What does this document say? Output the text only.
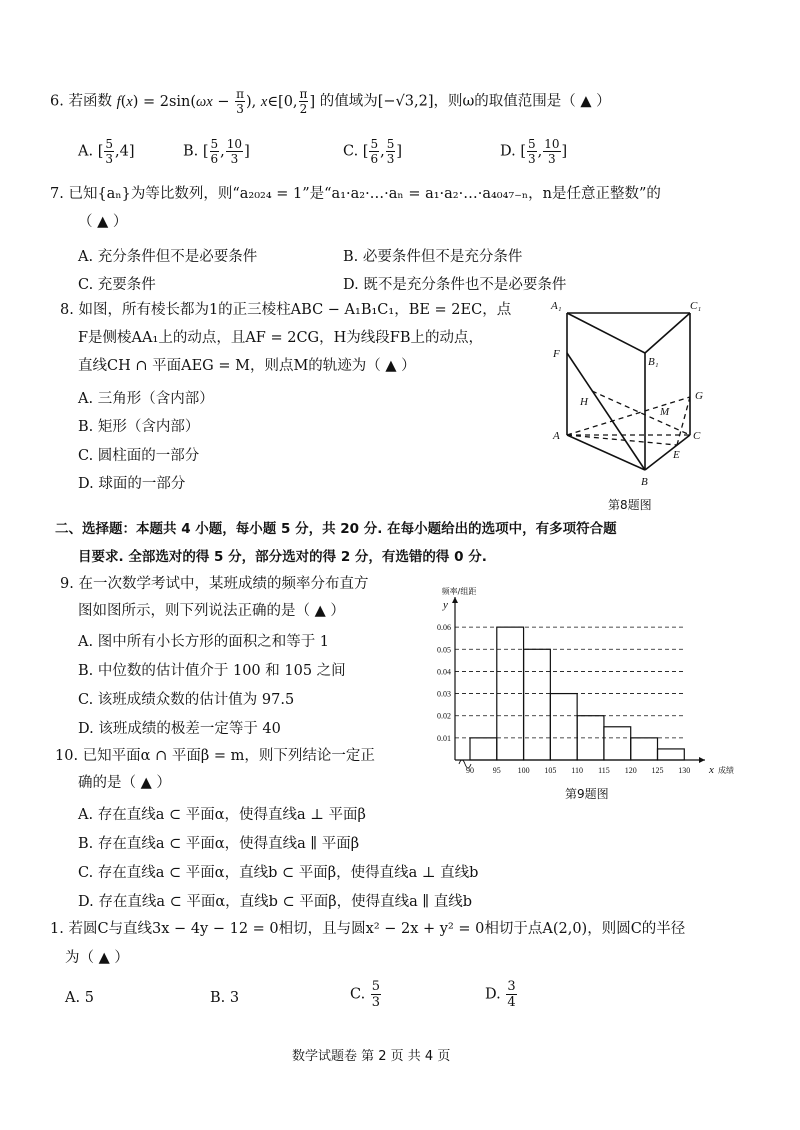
6. 若函数 $f(x) = 2\sin(\omega x - \frac{\pi}{3}$ ), x∈[0, $\frac{\pi}{2}$ ] 的值域为[−√3,2]，则ω的取值范围是（ ▲ ）
A. [ $\frac{5}{3} ,4$]	B. [ $\frac{5}{6}$ , $\frac{10}{3}$ ]	C. [ $\frac{5}{6}$ , $\frac{5}{3}$ ]	D. [ $\frac{5}{3}$ , $\frac{10}{3}$ ]
7. 已知{aₙ}为等比数列，则“a₂₀₂₄ = 1”是“a₁·a₂·…·aₙ = a₁·a₂·…·a₄₀₄₇₋ₙ，n是任意正整数”的
（ ▲ ）
A. 充分条件但不是必要条件	B. 必要条件但不是充分条件
C. 充要条件	D. 既不是充分条件也不是必要条件
8. 如图，所有棱长都为1的正三棱柱ABC − A₁B₁C₁，BE = 2EC，点
F是侧棱AA₁上的动点，且AF = 2CG，H为线段FB上的动点，
直线CH ∩ 平面AEG = M，则点M的轨迹为（ ▲ ）
A. 三角形（含内部）
B. 矩形（含内部）
C. 圆柱面的一部分
D. 球面的一部分
A₁	C₁
B₁
F
G
H
M
A	C
E
B
第8题图
二、选择题：本题共 4 小题，每小题 5 分，共 20 分. 在每小题给出的选项中，有多项符合题
目要求. 全部选对的得 5 分，部分选对的得 2 分，有选错的得 0 分.
9. 在一次数学考试中，某班成绩的频率分布直方
图如图所示，则下列说法正确的是（ ▲ ）
A. 图中所有小长方形的面积之和等于 1
B. 中位数的估计值介于 100 和 105 之间
C. 该班成绩众数的估计值为 97.5
D. 该班成绩的极差一定等于 40
频率/组距
y
x 成绩
0.01
0.02
0.03
0.04
0.05
0.06
90 95 100 105 110 115 120 125 130
第9题图
10. 已知平面α ∩ 平面β = m，则下列结论一定正
确的是（ ▲ ）
A. 存在直线a ⊂ 平面α，使得直线a ⊥ 平面β
B. 存在直线a ⊂ 平面α，使得直线a ∥ 平面β
C. 存在直线a ⊂ 平面α，直线b ⊂ 平面β，使得直线a ⊥ 直线b
D. 存在直线a ⊂ 平面α，直线b ⊂ 平面β，使得直线a ∥ 直线b
1. 若圆C与直线3x − 4y − 12 = 0相切，且与圆x² − 2x + y² = 0相切于点A(2,0)，则圆C的半径
为（ ▲ ）
A. 5	B. 3	C. $\frac{5}{3}$	D. $\frac{3}{4}$
数学试题卷 第 2 页 共 4 页
